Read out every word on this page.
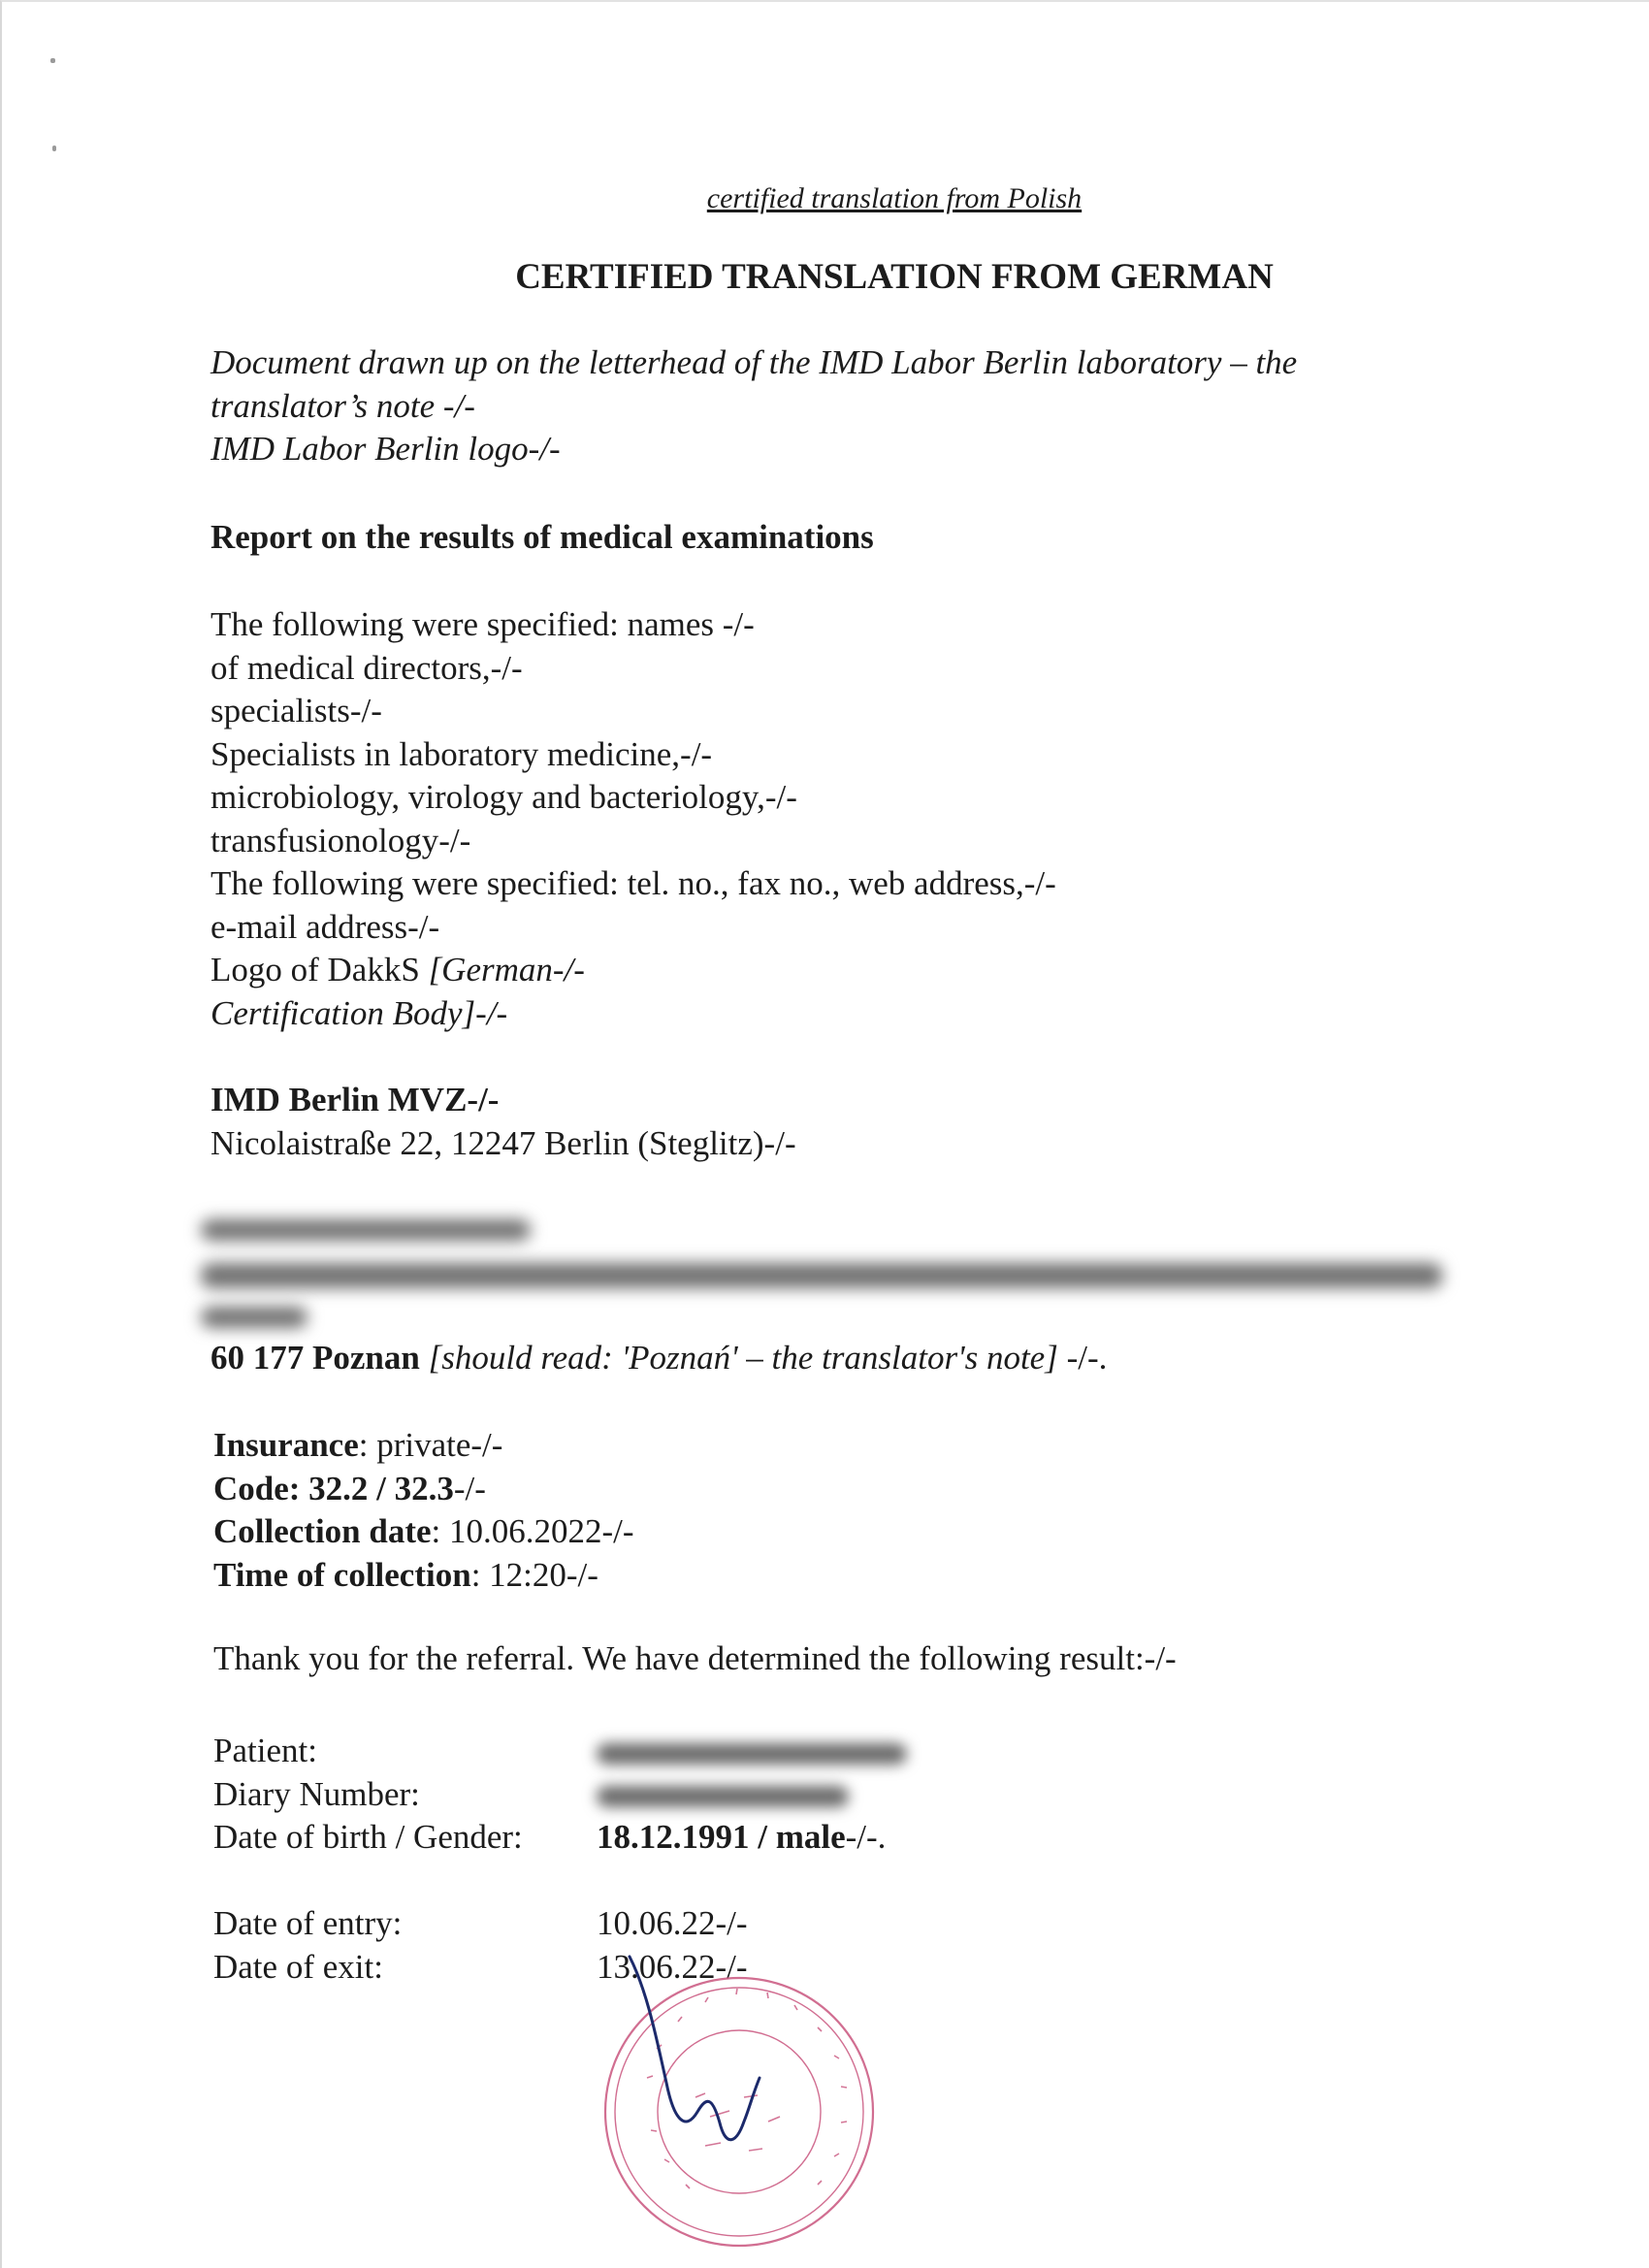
certified translation from Polish
CERTIFIED TRANSLATION FROM GERMAN
Document drawn up on the letterhead of the IMD Labor Berlin laboratory – the
translator’s note -/-
IMD Labor Berlin logo-/-
Report on the results of medical examinations
The following were specified: names -/-
of medical directors,-/-
specialists-/-
Specialists in laboratory medicine,-/-
microbiology, virology and bacteriology,-/-
transfusionology-/-
The following were specified: tel. no., fax no., web address,-/-
e-mail address-/-
Logo of DakkS [German-/-
Certification Body]-/-
IMD Berlin MVZ-/-
Nicolaistraße 22, 12247 Berlin (Steglitz)-/-
60 177 Poznan [should read: 'Poznań' – the translator's note] -/-.
Insurance: private-/-
Code: 32.2 / 32.3-/-
Collection date: 10.06.2022-/-
Time of collection: 12:20-/-
Thank you for the referral. We have determined the following result:-/-
Patient:
Diary Number:
Date of birth / Gender: 18.12.1991 / male-/-.
Date of entry:	10.06.22-/-
Date of exit:	13.06.22-/-
